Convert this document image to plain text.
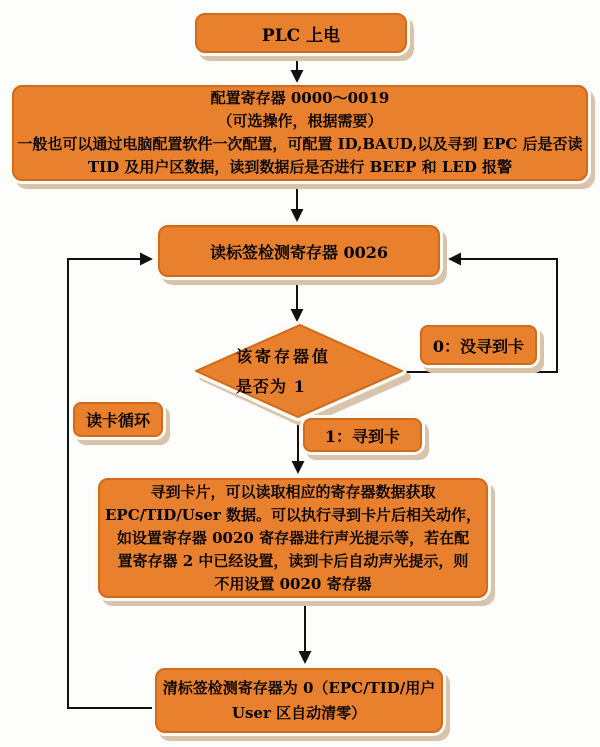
PLC 上电
配置寄存器 0000～0019
（可选操作，根据需要）
一般也可以通过电脑配置软件一次配置，可配置 ID,BAUD,以及寻到 EPC 后是否读
TID 及用户区数据，读到数据后是否进行 BEEP 和 LED 报警
读标签检测寄存器 0026
该寄存器值
是否为 1
0：没寻到卡
读卡循环
1：寻到卡
寻到卡片，可以读取相应的寄存器数据获取
EPC/TID/User 数据。可以执行寻到卡片后相关动作，
如设置寄存器 0020 寄存器进行声光提示等，若在配
置寄存器 2 中已经设置，读到卡后自动声光提示，则
不用设置 0020 寄存器
清标签检测寄存器为 0（EPC/TID/用户
User 区自动清零）
